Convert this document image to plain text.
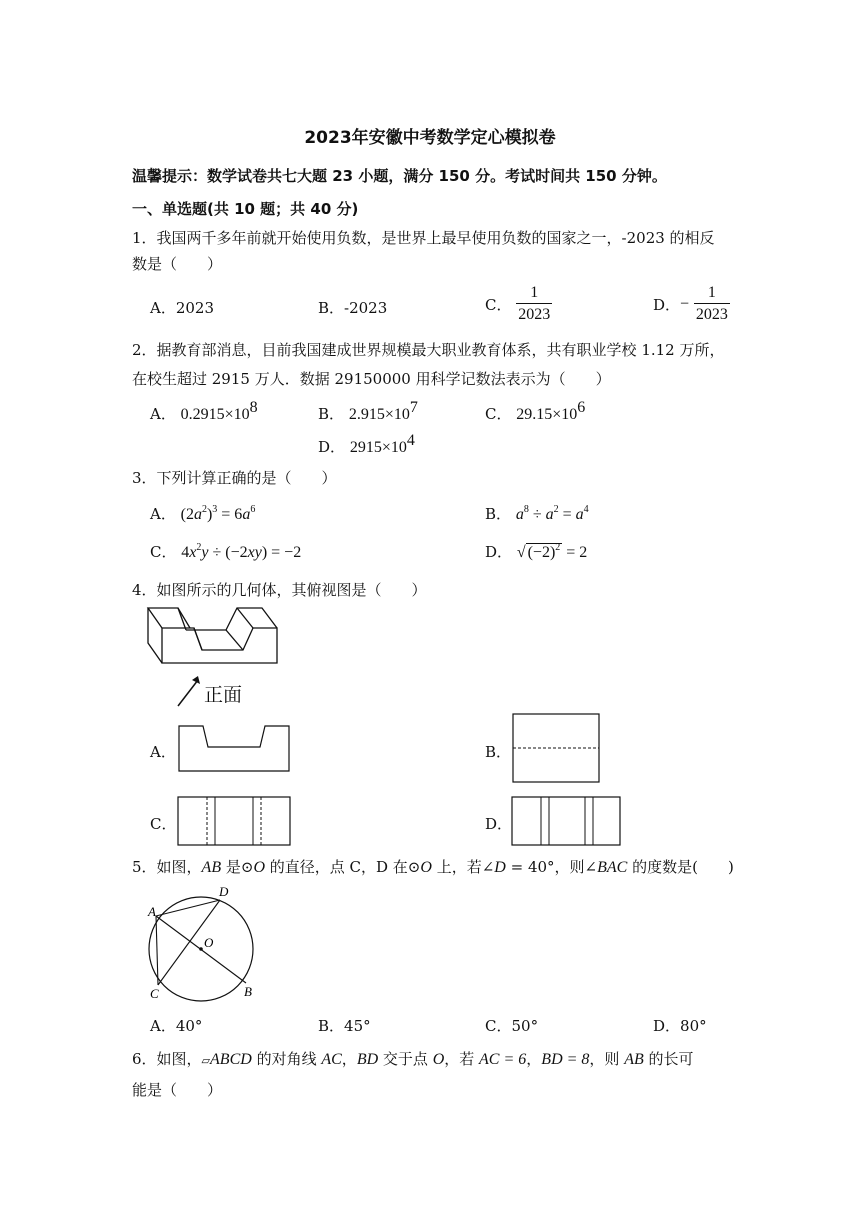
2023年安徽中考数学定心模拟卷
温馨提示：数学试卷共七大题 23 小题，满分 150 分。考试时间共 150 分钟。
一、单选题(共 10 题；共 40 分)
1．我国两千多年前就开始使用负数，是世界上最早使用负数的国家之一，-2023 的相反
数是（　　）
A．2023	B．-2023	C． $\frac{1}{2023}$	D．− $\frac{1}{2023}$
2．据教育部消息，目前我国建成世界规模最大职业教育体系，共有职业学校 1.12 万所，
在校生超过 2915 万人．数据 29150000 用科学记数法表示为（　　）
A． $0.2915\times 10^8$	B． $2.915\times 10^7$	C． $29.15\times 10^6$
D． $2915\times 10^4$
3．下列计算正确的是（　　）
A． $(2a^2)^3 = 6a^6$	B． $a^8 \div a^2 = a^4$
C． $4x^2y \div (-2xy) = -2$	D． √ $(-2)^2 = 2$
4．如图所示的几何体，其俯视图是（　　）
正面
A．	B．
C．	D．
5．如图，AB 是⊙O 的直径，点 C，D 在⊙O 上，若∠D = 40°，则∠BAC 的度数是(　　)
D
A
O
C	B
A．40°	B．45°	C．50°	D．80°
6．如图，▱ABCD 的对角线 AC，BD 交于点 O，若 AC = 6，BD = 8，则 AB 的长可
能是（　　）
